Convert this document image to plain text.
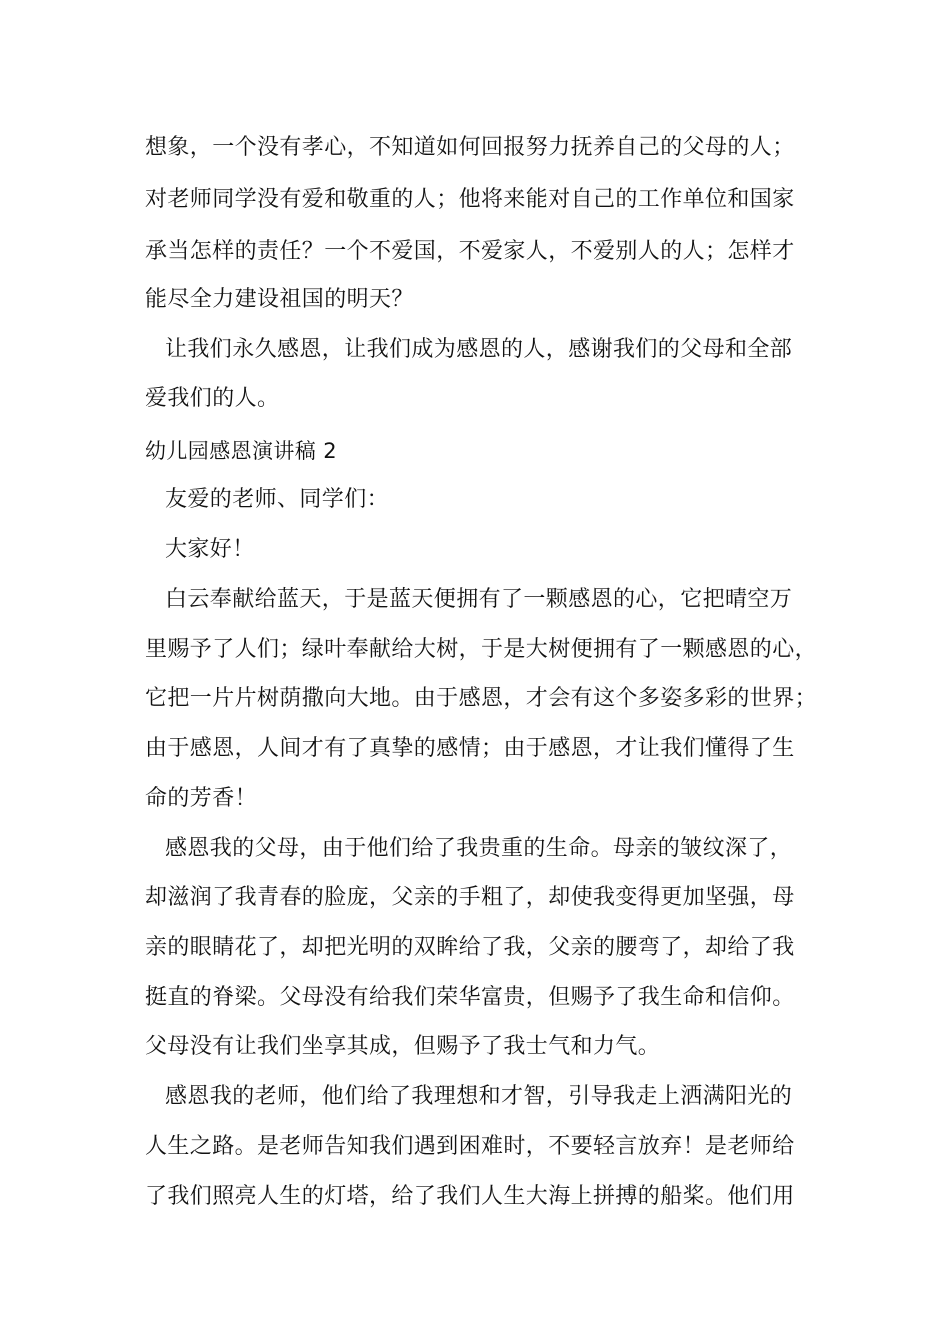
想象，一个没有孝心，不知道如何回报努力抚养自己的父母的人；
对老师同学没有爱和敬重的人；他将来能对自己的工作单位和国家
承当怎样的责任？一个不爱国，不爱家人，不爱别人的人；怎样才
能尽全力建设祖国的明天？
让我们永久感恩，让我们成为感恩的人，感谢我们的父母和全部
爱我们的人。
幼儿园感恩演讲稿 2
友爱的老师、同学们：
大家好！
白云奉献给蓝天，于是蓝天便拥有了一颗感恩的心，它把晴空万
里赐予了人们；绿叶奉献给大树，于是大树便拥有了一颗感恩的心，
它把一片片树荫撒向大地。由于感恩，才会有这个多姿多彩的世界；
由于感恩，人间才有了真挚的感情；由于感恩，才让我们懂得了生
命的芳香！
感恩我的父母，由于他们给了我贵重的生命。母亲的皱纹深了，
却滋润了我青春的脸庞，父亲的手粗了，却使我变得更加坚强，母
亲的眼睛花了，却把光明的双眸给了我，父亲的腰弯了，却给了我
挺直的脊梁。父母没有给我们荣华富贵，但赐予了我生命和信仰。
父母没有让我们坐享其成，但赐予了我士气和力气。
感恩我的老师，他们给了我理想和才智，引导我走上洒满阳光的
人生之路。是老师告知我们遇到困难时，不要轻言放弃！是老师给
了我们照亮人生的灯塔，给了我们人生大海上拼搏的船桨。他们用
